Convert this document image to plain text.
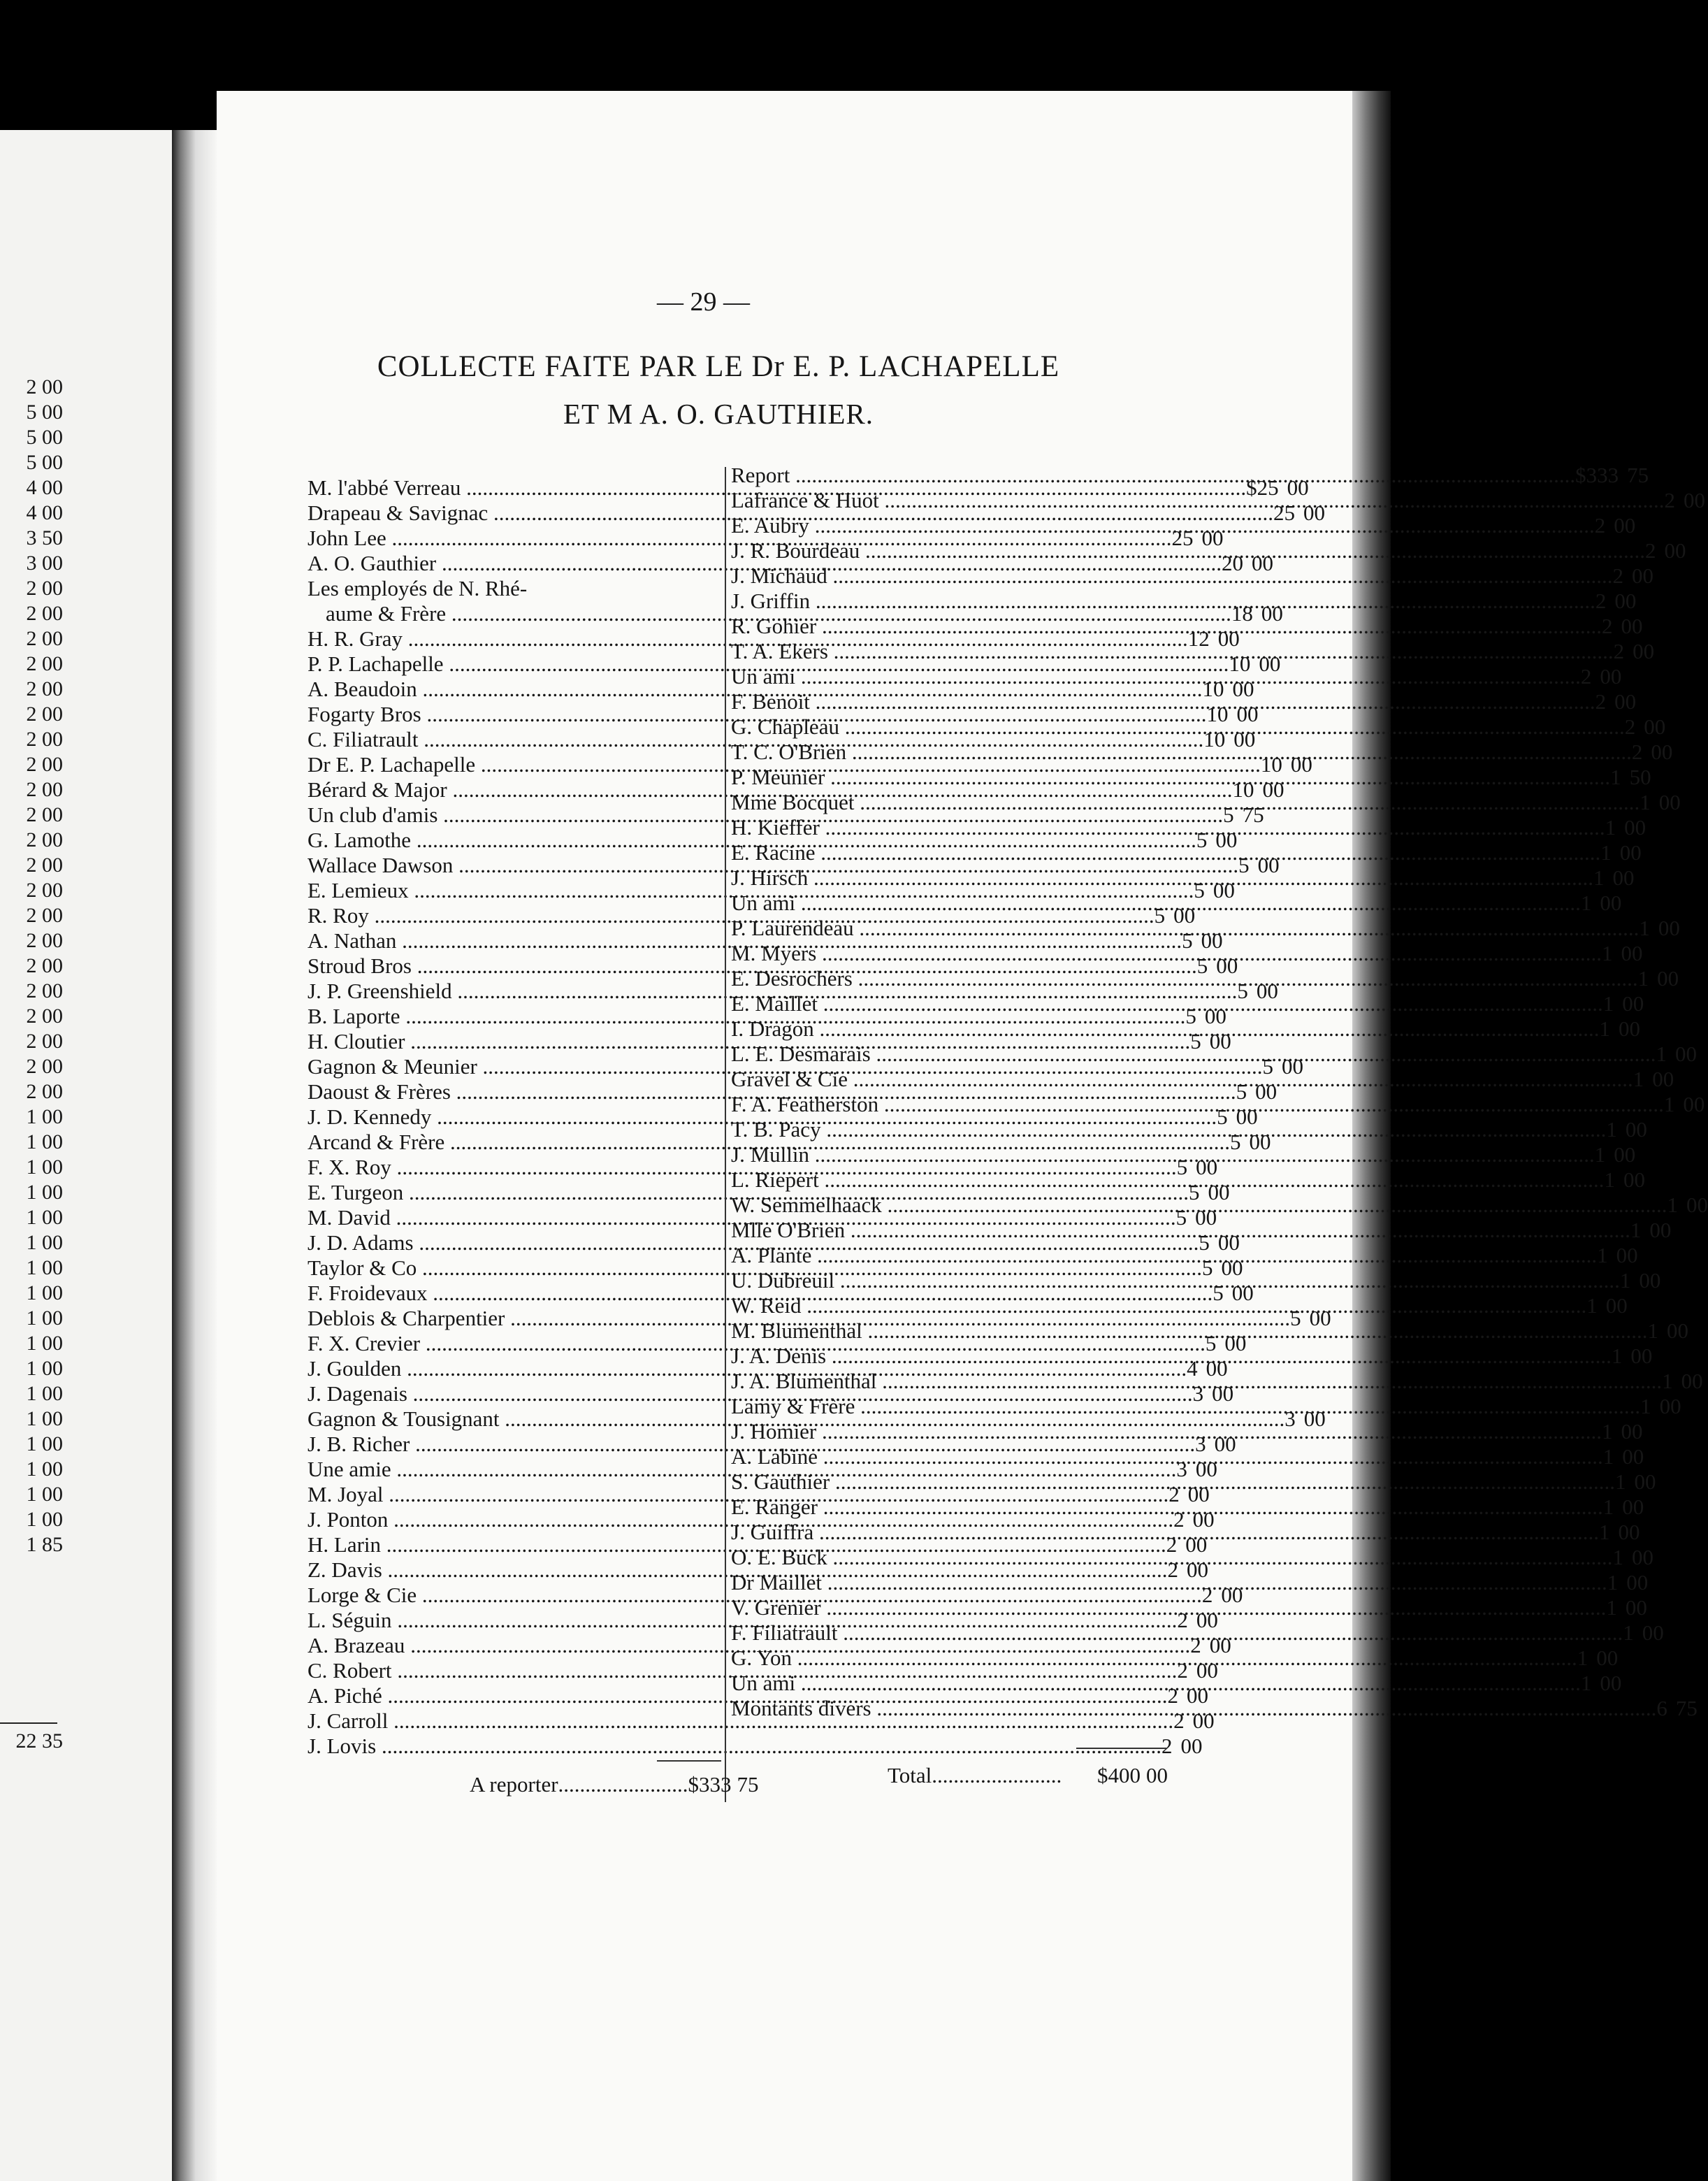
2 00
5 00
5 00
5 00
4 00
4 00
3 50
3 00
2 00
2 00
2 00
2 00
2 00
2 00
2 00
2 00
2 00
2 00
2 00
2 00
2 00
2 00
2 00
2 00
2 00
2 00
2 00
2 00
2 00
1 00
1 00
1 00
1 00
1 00
1 00
1 00
1 00
1 00
1 00
1 00
1 00
1 00
1 00
1 00
1 00
1 00
1 85
22 35
— 29 —
COLLECTE FAITE PAR LE Dr E. P. LACHAPELLE
ET M A. O. GAUTHIER.
M. l'abbé Verreau .....	$ 25 00
Drapeau & Savignac .....	25 00
John Lee .....	25 00
A. O. Gauthier .....	20 00
Les employés de N. Rhé-
aume & Frère .....	18 00
H. R. Gray .....	12 00
P. P. Lachapelle .....	10 00
A. Beaudoin .....	10 00
Fogarty Bros .....	10 00
C. Filiatrault .....	10 00
Dr E. P. Lachapelle .....	10 00
Bérard & Major .....	10 00
Un club d'amis .....	5 75
G. Lamothe .....	5 00
Wallace Dawson .....	5 00
E. Lemieux .....	5 00
R. Roy .....	5 00
A. Nathan .....	5 00
Stroud Bros .....	5 00
J. P. Greenshield .....	5 00
B. Laporte .....	5 00
H. Cloutier .....	5 00
Gagnon & Meunier .....	5 00
Daoust & Frères .....	5 00
J. D. Kennedy .....	5 00
Arcand & Frère .....	5 00
F. X. Roy .....	5 00
E. Turgeon .....	5 00
M. David .....	5 00
J. D. Adams .....	5 00
Taylor & Co .....	5 00
F. Froidevaux .....	5 00
Deblois & Charpentier .....	5 00
F. X. Crevier .....	5 00
J. Goulden .....	4 00
J. Dagenais .....	3 00
Gagnon & Tousignant .....	3 00
J. B. Richer .....	3 00
Une amie .....	3 00
M. Joyal .....	2 00
J. Ponton .....	2 00
H. Larin .....	2 00
Z. Davis .....	2 00
Lorge & Cie .....	2 00
L. Séguin .....	2 00
A. Brazeau .....	2 00
C. Robert .....	2 00
A. Piché .....	2 00
J. Carroll .....	2 00
J. Lovis .....	2 00
Report .....	$333 75
Lafrance & Huot .....	2 00
E. Aubry .....	2 00
J. R. Bourdeau .....	2 00
J. Michaud .....	2 00
J. Griffin .....	2 00
R. Gohier .....	2 00
T. A. Ekers .....	2 00
Un ami .....	2 00
F. Benoit .....	2 00
G. Chapleau .....	2 00
T. C. O'Brien .....	2 00
P. Meunier .....	1 50
Mme Bocquet .....	1 00
H. Kieffer .....	1 00
E. Racine .....	1 00
J. Hirsch .....	1 00
Un ami .....	1 00
P. Laurendeau .....	1 00
M. Myers .....	1 00
E. Desrochers .....	1 00
E. Maillet .....	1 00
I. Dragon .....	1 00
L. E. Desmarais .....	1 00
Gravel & Cie .....	1 00
F. A. Featherston .....	1 00
T. B. Pacy .....	1 00
J. Mullin .....	1 00
L. Riepert .....	1 00
W. Semmelhaack .....	1 00
Mlle O'Brien .....	1 00
A. Plante .....	1 00
U. Dubreuil .....	1 00
W. Reid .....	1 00
M. Blumenthal .....	1 00
J. A. Denis .....	1 00
J. A. Blumenthal .....	1 00
Lamy & Frère .....	1 00
J. Homier .....	1 00
A. Labine .....	1 00
S. Gauthier .....	1 00
E. Ranger .....	1 00
J. Guiffra .....	1 00
O. E. Buck .....	1 00
Dr Maillet .....	1 00
V. Grenier .....	1 00
F. Filiatrault .....	1 00
G. Yon .....	1 00
Un ami .....	1 00
Montants divers .....	6 75
A reporter ........................ $333 75	Total ........................	$400 00
